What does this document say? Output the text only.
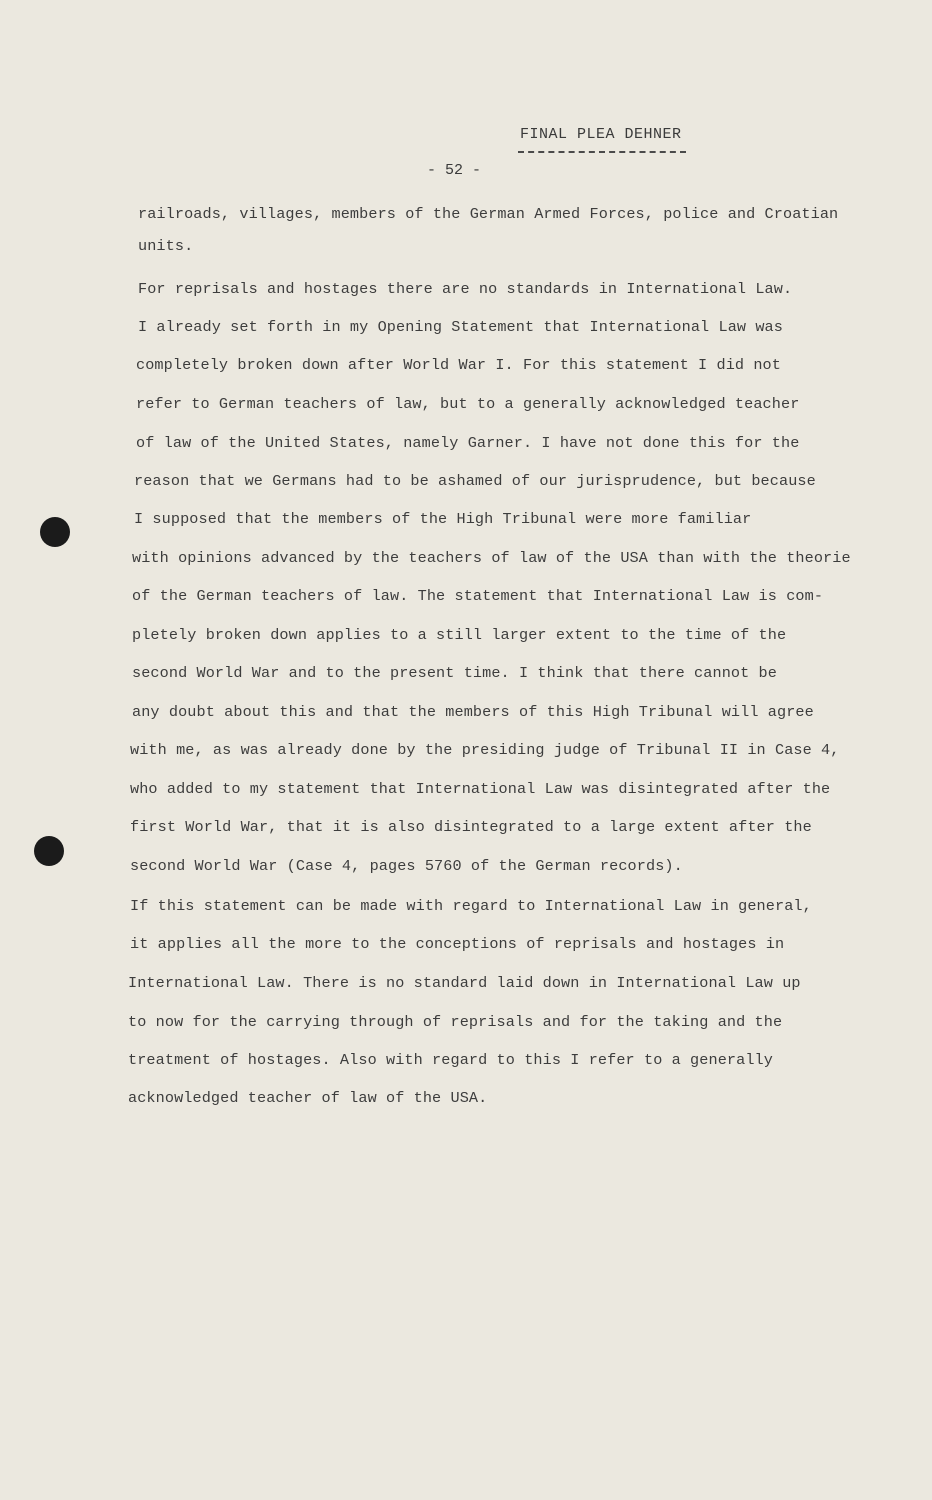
FINAL PLEA DEHNER
- 52 -
railroads, villages, members of the German Armed Forces, police and Croatian
units.
For reprisals and hostages there are no standards in International Law.
I already set forth in my Opening Statement that International Law was
completely broken down after World War I. For this statement I did not
refer to German teachers of law, but to a generally acknowledged teacher
of law of the United States, namely Garner. I have not done this for the
reason that we Germans had to be ashamed of our jurisprudence, but because
I supposed that the members of the High Tribunal were more familiar
with opinions advanced by the teachers of law of the USA than with the theorie
of the German teachers of law. The statement that International Law is com-
pletely broken down applies to a still larger extent to the time of the
second World War and to the present time. I think that there cannot be
any doubt about this and that the members of this High Tribunal will agree
with me, as was already done by the presiding judge of Tribunal II in Case 4,
who added to my statement that International Law was disintegrated after the
first World War, that it is also disintegrated to a large extent after the
second World War (Case 4, pages 5760 of the German records).
If this statement can be made with regard to International Law in general,
it applies all the more to the conceptions of reprisals and hostages in
International Law. There is no standard laid down in International Law up
to now for the carrying through of reprisals and for the taking and the
treatment of hostages. Also with regard to this I refer to a generally
acknowledged teacher of law of the USA.
